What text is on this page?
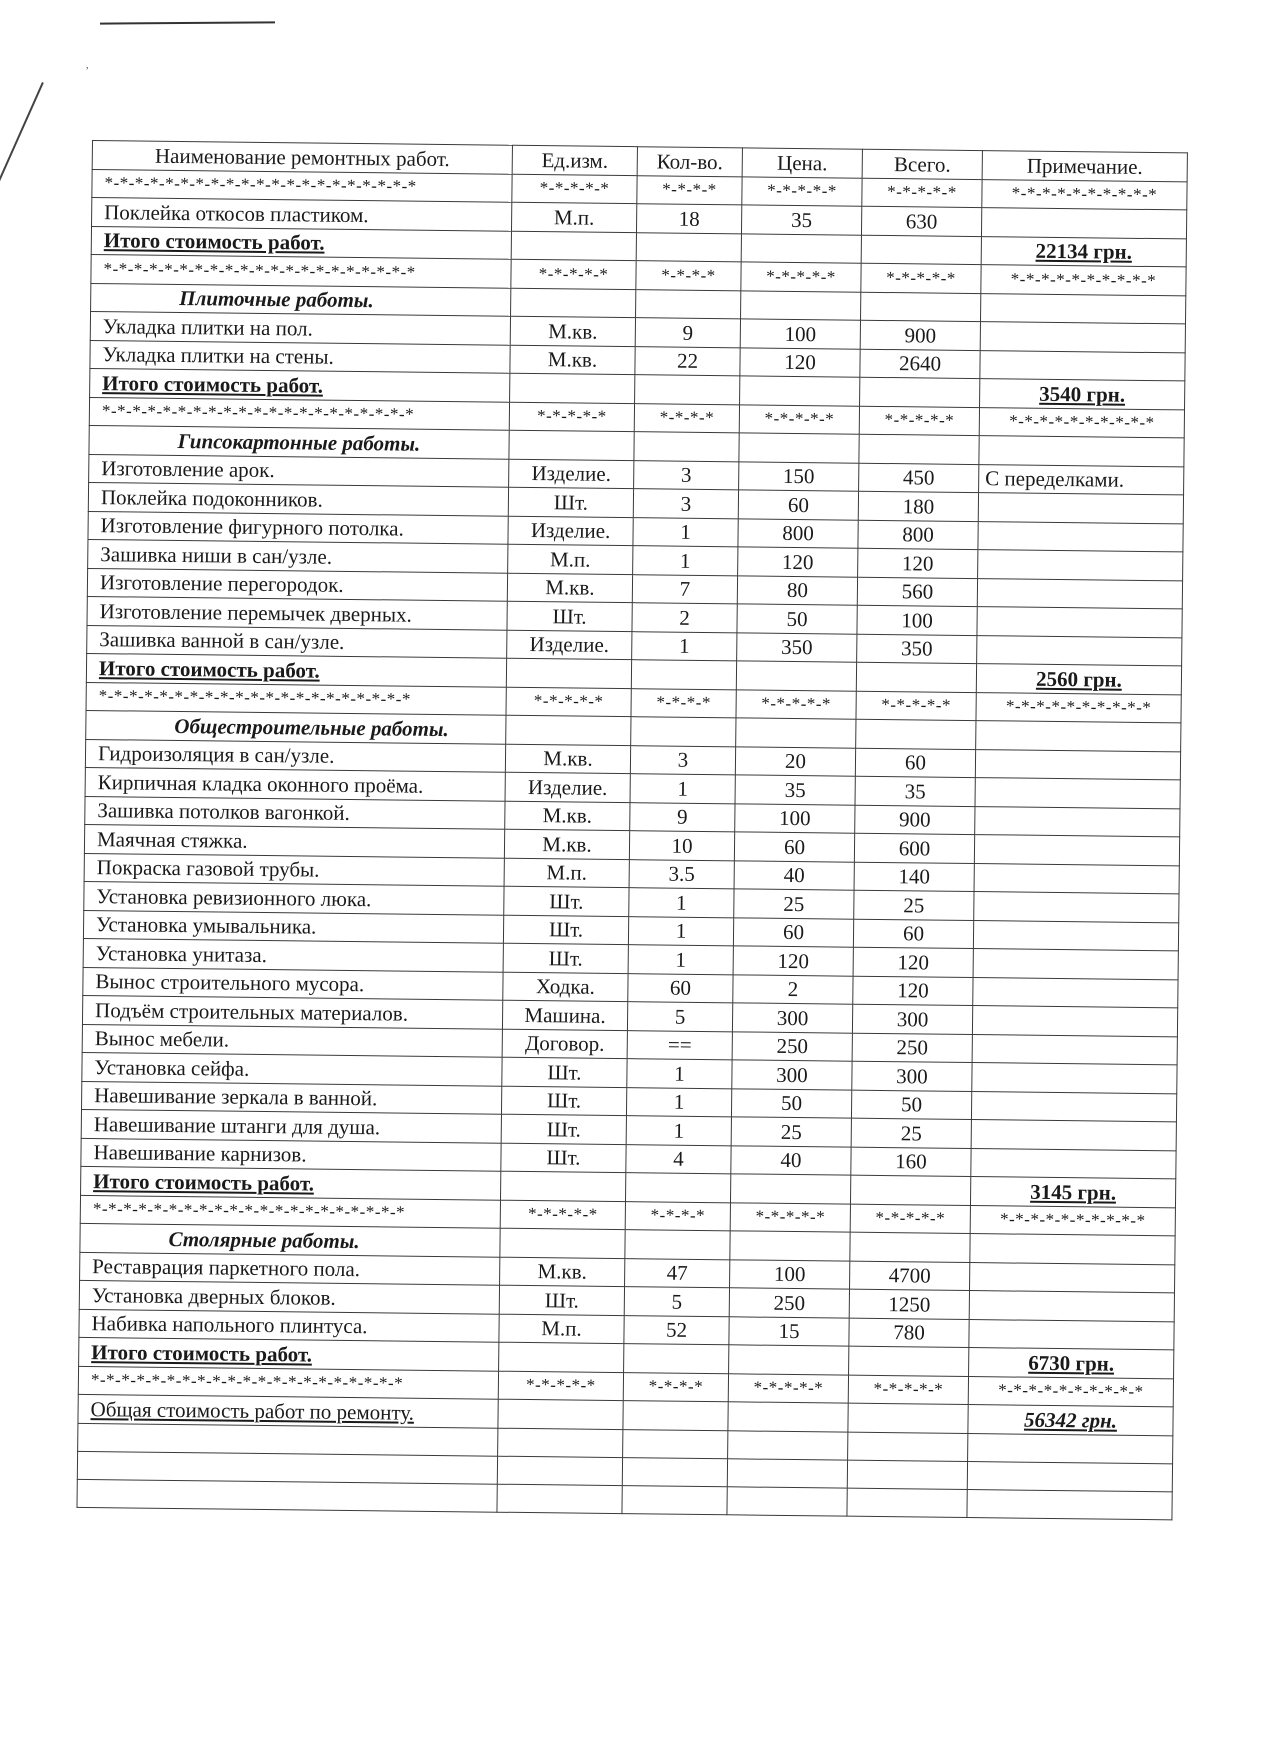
,
Наименование ремонтных работ.	Ед.изм.	Кол-во.	Цена.	Всего.	Примечание.
*-*-*-*-*-*-*-*-*-*-*-*-*-*-*-*-*-*-*-*-*	*-*-*-*-*	*-*-*-*	*-*-*-*-*	*-*-*-*-*	*-*-*-*-*-*-*-*-*-*
Поклейка откосов пластиком.	М.п.	18	35	630	
Итого стоимость работ.					22134 грн.
*-*-*-*-*-*-*-*-*-*-*-*-*-*-*-*-*-*-*-*-*	*-*-*-*-*	*-*-*-*	*-*-*-*-*	*-*-*-*-*	*-*-*-*-*-*-*-*-*-*
Плиточные работы.					
Укладка плитки на пол.	М.кв.	9	100	900	
Укладка плитки на стены.	М.кв.	22	120	2640	
Итого стоимость работ.					3540 грн.
*-*-*-*-*-*-*-*-*-*-*-*-*-*-*-*-*-*-*-*-*	*-*-*-*-*	*-*-*-*	*-*-*-*-*	*-*-*-*-*	*-*-*-*-*-*-*-*-*-*
Гипсокартонные работы.					
Изготовление арок.	Изделие.	3	150	450	С переделками.
Поклейка подоконников.	Шт.	3	60	180	
Изготовление фигурного потолка.	Изделие.	1	800	800	
Зашивка ниши в сан/узле.	М.п.	1	120	120	
Изготовление перегородок.	М.кв.	7	80	560	
Изготовление перемычек дверных.	Шт.	2	50	100	
Зашивка ванной в сан/узле.	Изделие.	1	350	350	
Итого стоимость работ.					2560 грн.
*-*-*-*-*-*-*-*-*-*-*-*-*-*-*-*-*-*-*-*-*	*-*-*-*-*	*-*-*-*	*-*-*-*-*	*-*-*-*-*	*-*-*-*-*-*-*-*-*-*
Общестроительные работы.					
Гидроизоляция в сан/узле.	М.кв.	3	20	60	
Кирпичная кладка оконного проёма.	Изделие.	1	35	35	
Зашивка потолков вагонкой.	М.кв.	9	100	900	
Маячная стяжка.	М.кв.	10	60	600	
Покраска газовой трубы.	М.п.	3.5	40	140	
Установка ревизионного люка.	Шт.	1	25	25	
Установка умывальника.	Шт.	1	60	60	
Установка унитаза.	Шт.	1	120	120	
Вынос строительного мусора.	Ходка.	60	2	120	
Подъём строительных материалов.	Машина.	5	300	300	
Вынос мебели.	Договор.	==	250	250	
Установка сейфа.	Шт.	1	300	300	
Навешивание зеркала в ванной.	Шт.	1	50	50	
Навешивание штанги для душа.	Шт.	1	25	25	
Навешивание карнизов.	Шт.	4	40	160	
Итого стоимость работ.					3145 грн.
*-*-*-*-*-*-*-*-*-*-*-*-*-*-*-*-*-*-*-*-*	*-*-*-*-*	*-*-*-*	*-*-*-*-*	*-*-*-*-*	*-*-*-*-*-*-*-*-*-*
Столярные работы.					
Реставрация паркетного пола.	М.кв.	47	100	4700	
Установка дверных блоков.	Шт.	5	250	1250	
Набивка напольного плинтуса.	М.п.	52	15	780	
Итого стоимость работ.					6730 грн.
*-*-*-*-*-*-*-*-*-*-*-*-*-*-*-*-*-*-*-*-*	*-*-*-*-*	*-*-*-*	*-*-*-*-*	*-*-*-*-*	*-*-*-*-*-*-*-*-*-*
Общая стоимость работ по ремонту.					56342 грн.
